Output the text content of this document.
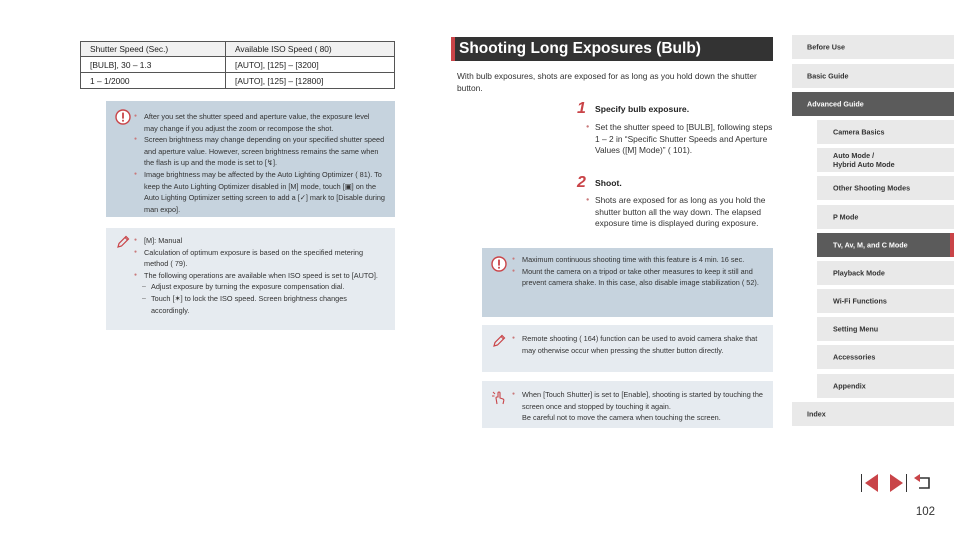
Shutter Speed (Sec.)	Available ISO Speed ( 80)
[BULB], 30 – 1.3	[AUTO], [125] – [3200]
1 – 1/2000	[AUTO], [125] – [12800]
● After you set the shutter speed and aperture value, the exposure level may change if you adjust the zoom or recompose the shot.
● Screen brightness may change depending on your specified shutter speed and aperture value. However, screen brightness remains the same when the flash is up and the mode is set to [↯].
● Image brightness may be affected by the Auto Lighting Optimizer ( 81). To keep the Auto Lighting Optimizer disabled in [M] mode, touch [▣] on the Auto Lighting Optimizer setting screen to add a [✓] mark to [Disable during man expo].
● [M]: Manual
● Calculation of optimum exposure is based on the specified metering method ( 79).
● The following operations are available when ISO speed is set to [AUTO].
– Adjust exposure by turning the exposure compensation dial.
– Touch [✶] to lock the ISO speed. Screen brightness changes accordingly.
Shooting Long Exposures (Bulb)

With bulb exposures, shots are exposed for as long as you hold down the shutter button.

1 Specify bulb exposure.

● Set the shutter speed to [BULB], following steps 1 – 2 in “Specific Shutter Speeds and Aperture Values ([M] Mode)” ( 101).

2 Shoot.

● Shots are exposed for as long as you hold the shutter button all the way down. The elapsed exposure time is displayed during exposure.

● Maximum continuous shooting time with this feature is 4 min. 16 sec.
● Mount the camera on a tripod or take other measures to keep it still and prevent camera shake. In this case, also disable image stabilization ( 52).
● Remote shooting ( 164) function can be used to avoid camera shake that may otherwise occur when pressing the shutter button directly.
● When [Touch Shutter] is set to [Enable], shooting is started by touching the screen once and stopped by touching it again.
Be careful not to move the camera when touching the screen.
Before Use
Basic Guide
Advanced Guide
Camera Basics
Auto Mode /
Hybrid Auto Mode
Other Shooting Modes
P Mode
Tv, Av, M, and C Mode
Playback Mode
Wi-Fi Functions
Setting Menu
Accessories
Appendix
Index
102
